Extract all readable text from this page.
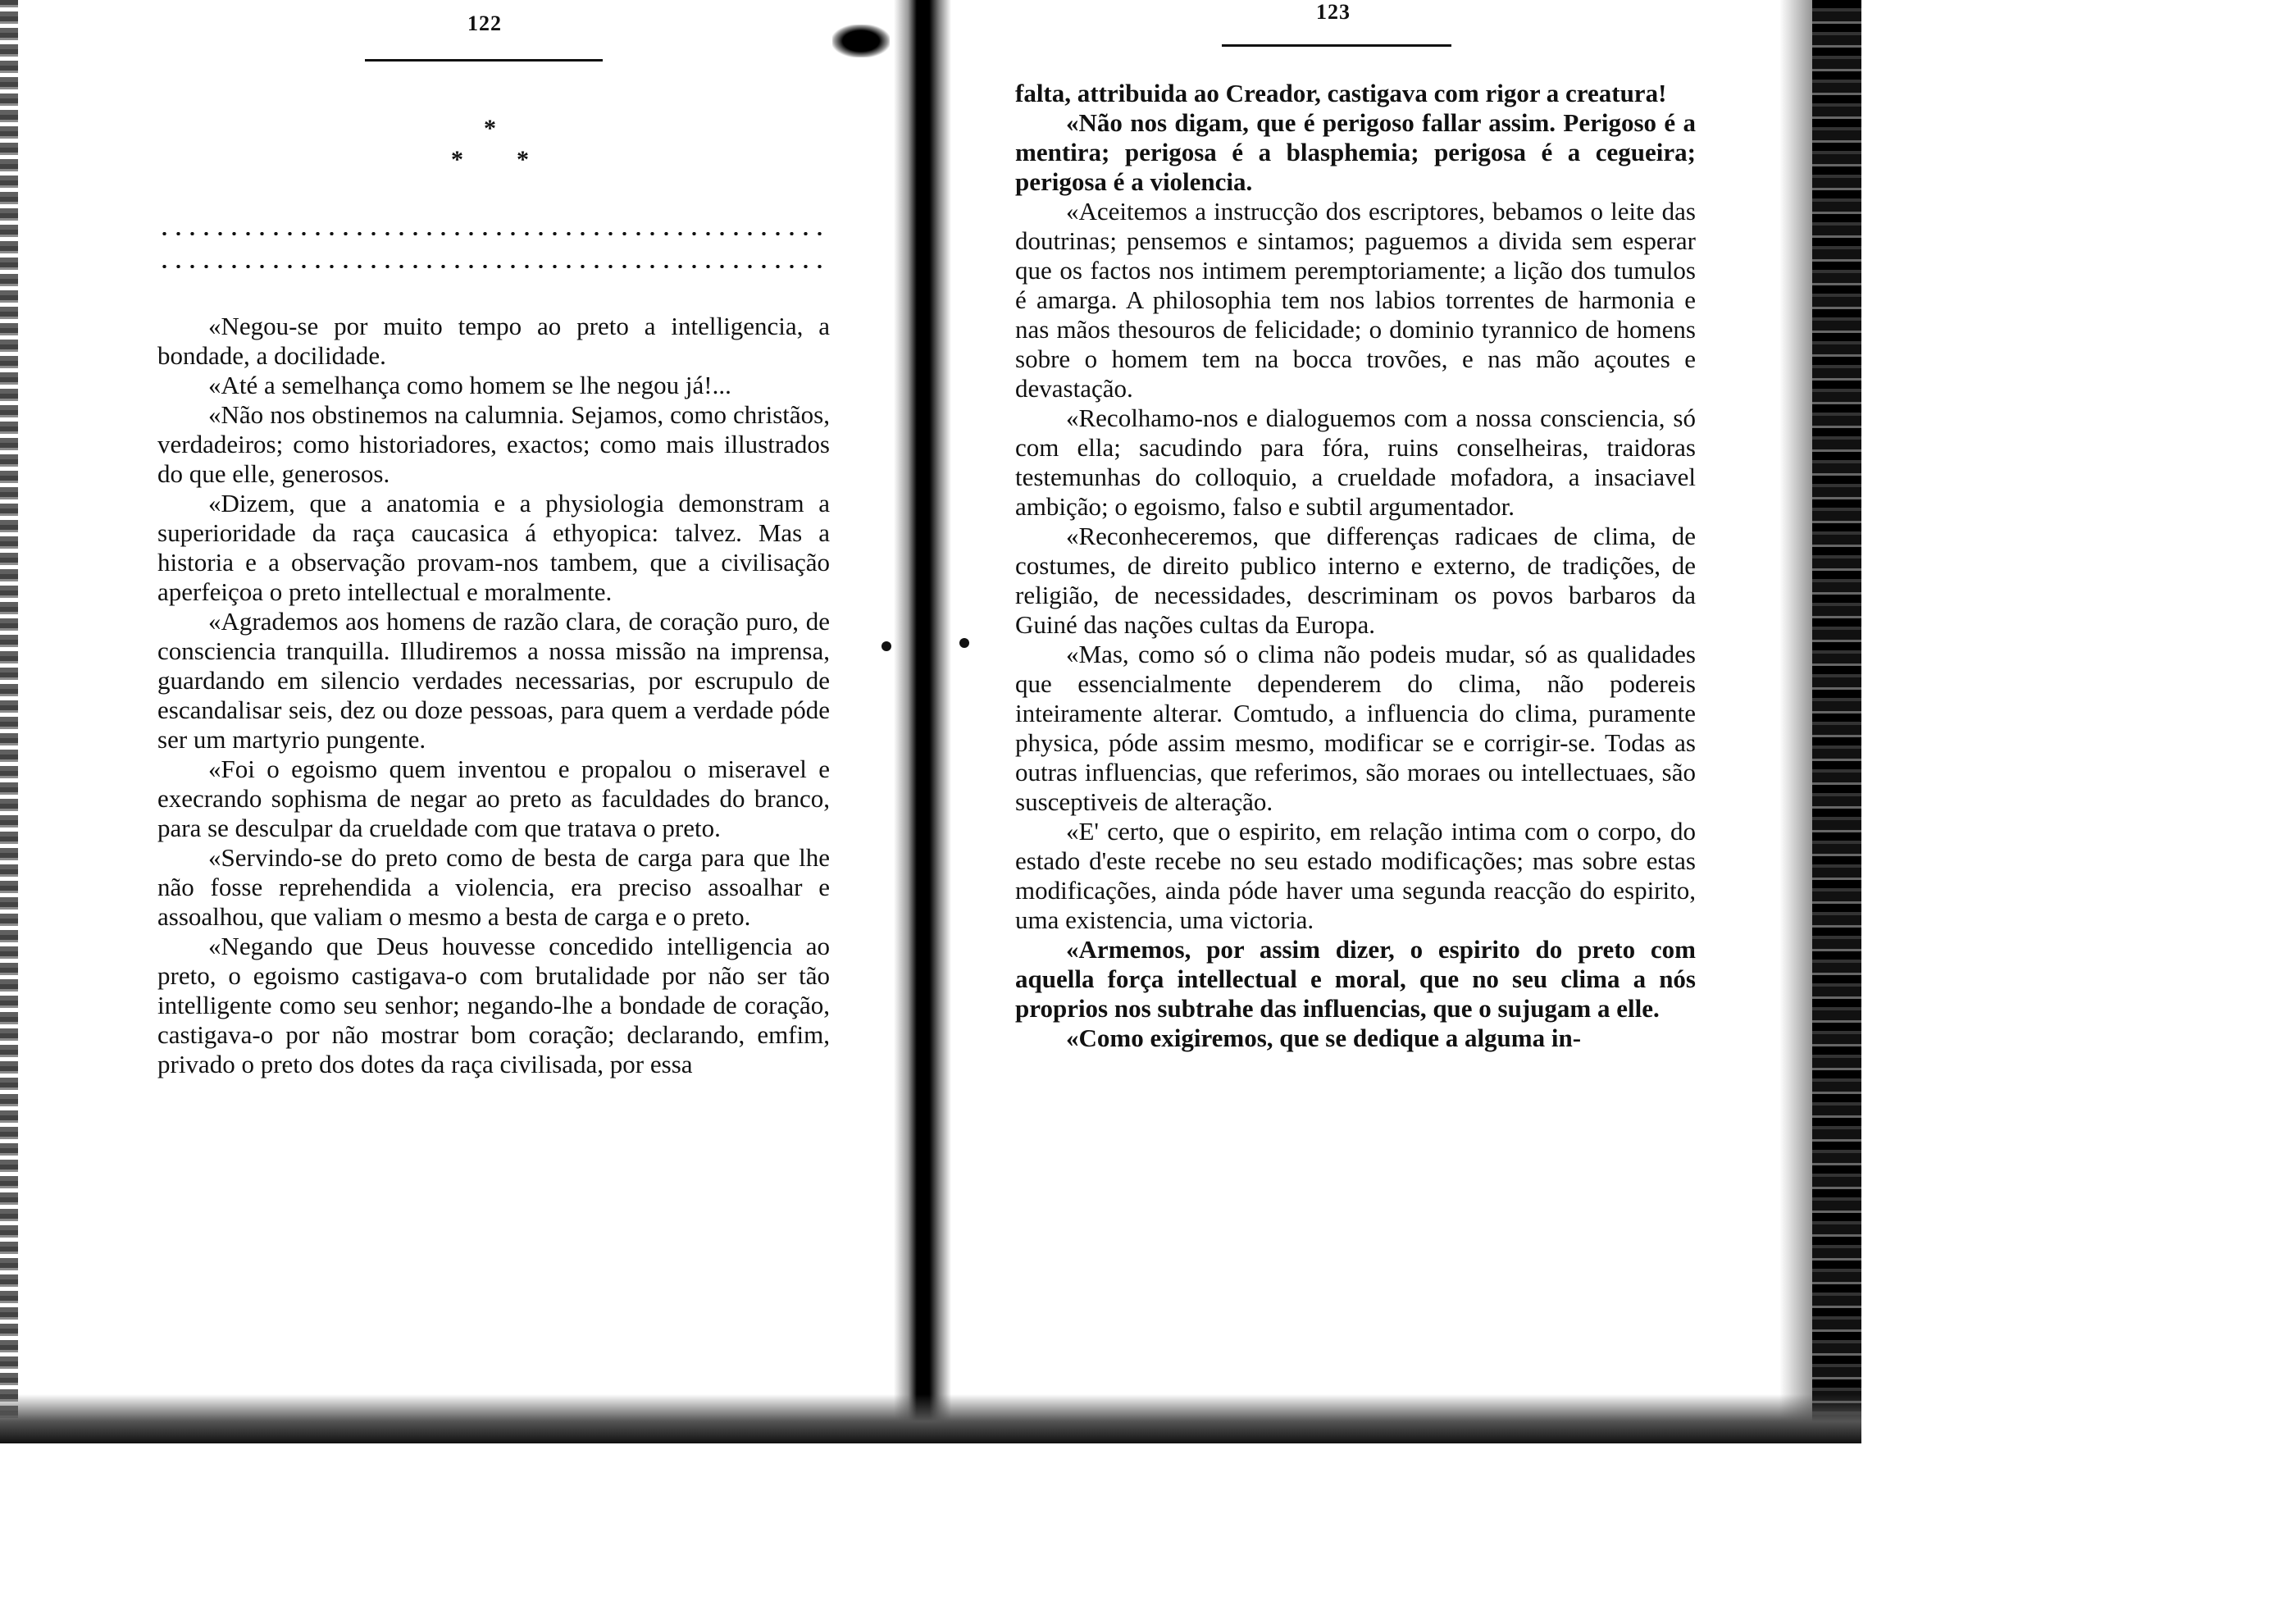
122
*
* *

«Negou-se por muito tempo ao preto a intelligencia, a bondade, a docilidade.

«Até a semelhança como homem se lhe negou já!...

«Não nos obstinemos na calumnia. Sejamos, como christãos, verdadeiros; como historiadores, exactos; como mais illustrados do que elle, generosos.

«Dizem, que a anatomia e a physiologia demonstram a superioridade da raça caucasica á ethyopica: talvez. Mas a historia e a observação provam-nos tambem, que a civilisação aperfeiçoa o preto intellectual e moralmente.

«Agrademos aos homens de razão clara, de coração puro, de consciencia tranquilla. Illudiremos a nossa missão na imprensa, guardando em silencio verdades necessarias, por escrupulo de escandalisar seis, dez ou doze pessoas, para quem a verdade póde ser um martyrio pungente.

«Foi o egoismo quem inventou e propalou o miseravel e execrando sophisma de negar ao preto as faculdades do branco, para se desculpar da crueldade com que tratava o preto.

«Servindo-se do preto como de besta de carga para que lhe não fosse reprehendida a violencia, era preciso assoalhar e assoalhou, que valiam o mesmo a besta de carga e o preto.

«Negando que Deus houvesse concedido intelligencia ao preto, o egoismo castigava-o com brutalidade por não ser tão intelligente como seu senhor; negando-lhe a bondade de coração, castigava-o por não mostrar bom coração; declarando, emfim, privado o preto dos dotes da raça civilisada, por essa

123

falta, attribuida ao Creador, castigava com rigor a creatura!

«Não nos digam, que é perigoso fallar assim. Perigoso é a mentira; perigosa é a blasphemia; perigosa é a cegueira; perigosa é a violencia.

«Aceitemos a instrucção dos escriptores, bebamos o leite das doutrinas; pensemos e sintamos; paguemos a divida sem esperar que os factos nos intimem peremptoriamente; a lição dos tumulos é amarga. A philosophia tem nos labios torrentes de harmonia e nas mãos thesouros de felicidade; o dominio tyrannico de homens sobre o homem tem na bocca trovões, e nas mão açoutes e devastação.

«Recolhamo-nos e dialoguemos com a nossa consciencia, só com ella; sacudindo para fóra, ruins conselheiras, traidoras testemunhas do colloquio, a crueldade mofadora, a insaciavel ambição; o egoismo, falso e subtil argumentador.

«Reconheceremos, que differenças radicaes de clima, de costumes, de direito publico interno e externo, de tradições, de religião, de necessidades, descriminam os povos barbaros da Guiné das nações cultas da Europa.

«Mas, como só o clima não podeis mudar, só as qualidades que essencialmente dependerem do clima, não podereis inteiramente alterar. Comtudo, a influencia do clima, puramente physica, póde assim mesmo, modificar se e corrigir-se. Todas as outras influencias, que referimos, são moraes ou intellectuaes, são susceptiveis de alteração.

«E' certo, que o espirito, em relação intima com o corpo, do estado d'este recebe no seu estado modificações; mas sobre estas modificações, ainda póde haver uma segunda reacção do espirito, uma existencia, uma victoria.

«Armemos, por assim dizer, o espirito do preto com aquella força intellectual e moral, que no seu clima a nós proprios nos subtrahe das influencias, que o sujugam a elle.

«Como exigiremos, que se dedique a alguma in-
